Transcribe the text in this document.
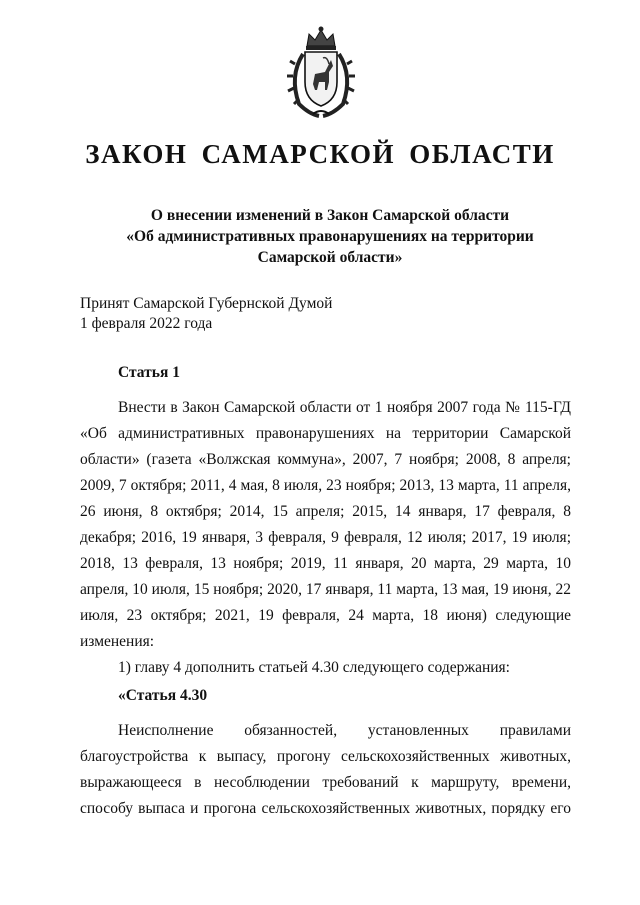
ЗАКОН САМАРСКОЙ ОБЛАСТИ
О внесении изменений в Закон Самарской области
«Об административных правонарушениях на территории
Самарской области»
Принят Самарской Губернской Думой
1 февраля 2022 года

Статья 1

Внести в Закон Самарской области от 1 ноября 2007 года № 115-ГД «Об административных правонарушениях на территории Самарской области» (газета «Волжская коммуна», 2007, 7 ноября; 2008, 8 апреля; 2009, 7 октября; 2011, 4 мая, 8 июля, 23 ноября; 2013, 13 марта, 11 апреля, 26 июня, 8 октября; 2014, 15 апреля; 2015, 14 января, 17 февраля, 8 декабря; 2016, 19 января, 3 февраля, 9 февраля, 12 июля; 2017, 19 июля; 2018, 13 февраля, 13 ноября; 2019, 11 января, 20 марта, 29 марта, 10 апреля, 10 июля, 15 ноября; 2020, 17 января, 11 марта, 13 мая, 19 июня, 22 июля, 23 октября; 2021, 19 февраля, 24 марта, 18 июня) следующие изменения:

1) главу 4 дополнить статьей 4.30 следующего содержания:

«Статья 4.30

Неисполнение обязанностей, установленных правилами благоустройства к выпасу, прогону сельскохозяйственных животных, выражающееся в несоблюдении требований к маршруту, времени, способу выпаса и прогона сельскохозяйственных животных, порядку его
